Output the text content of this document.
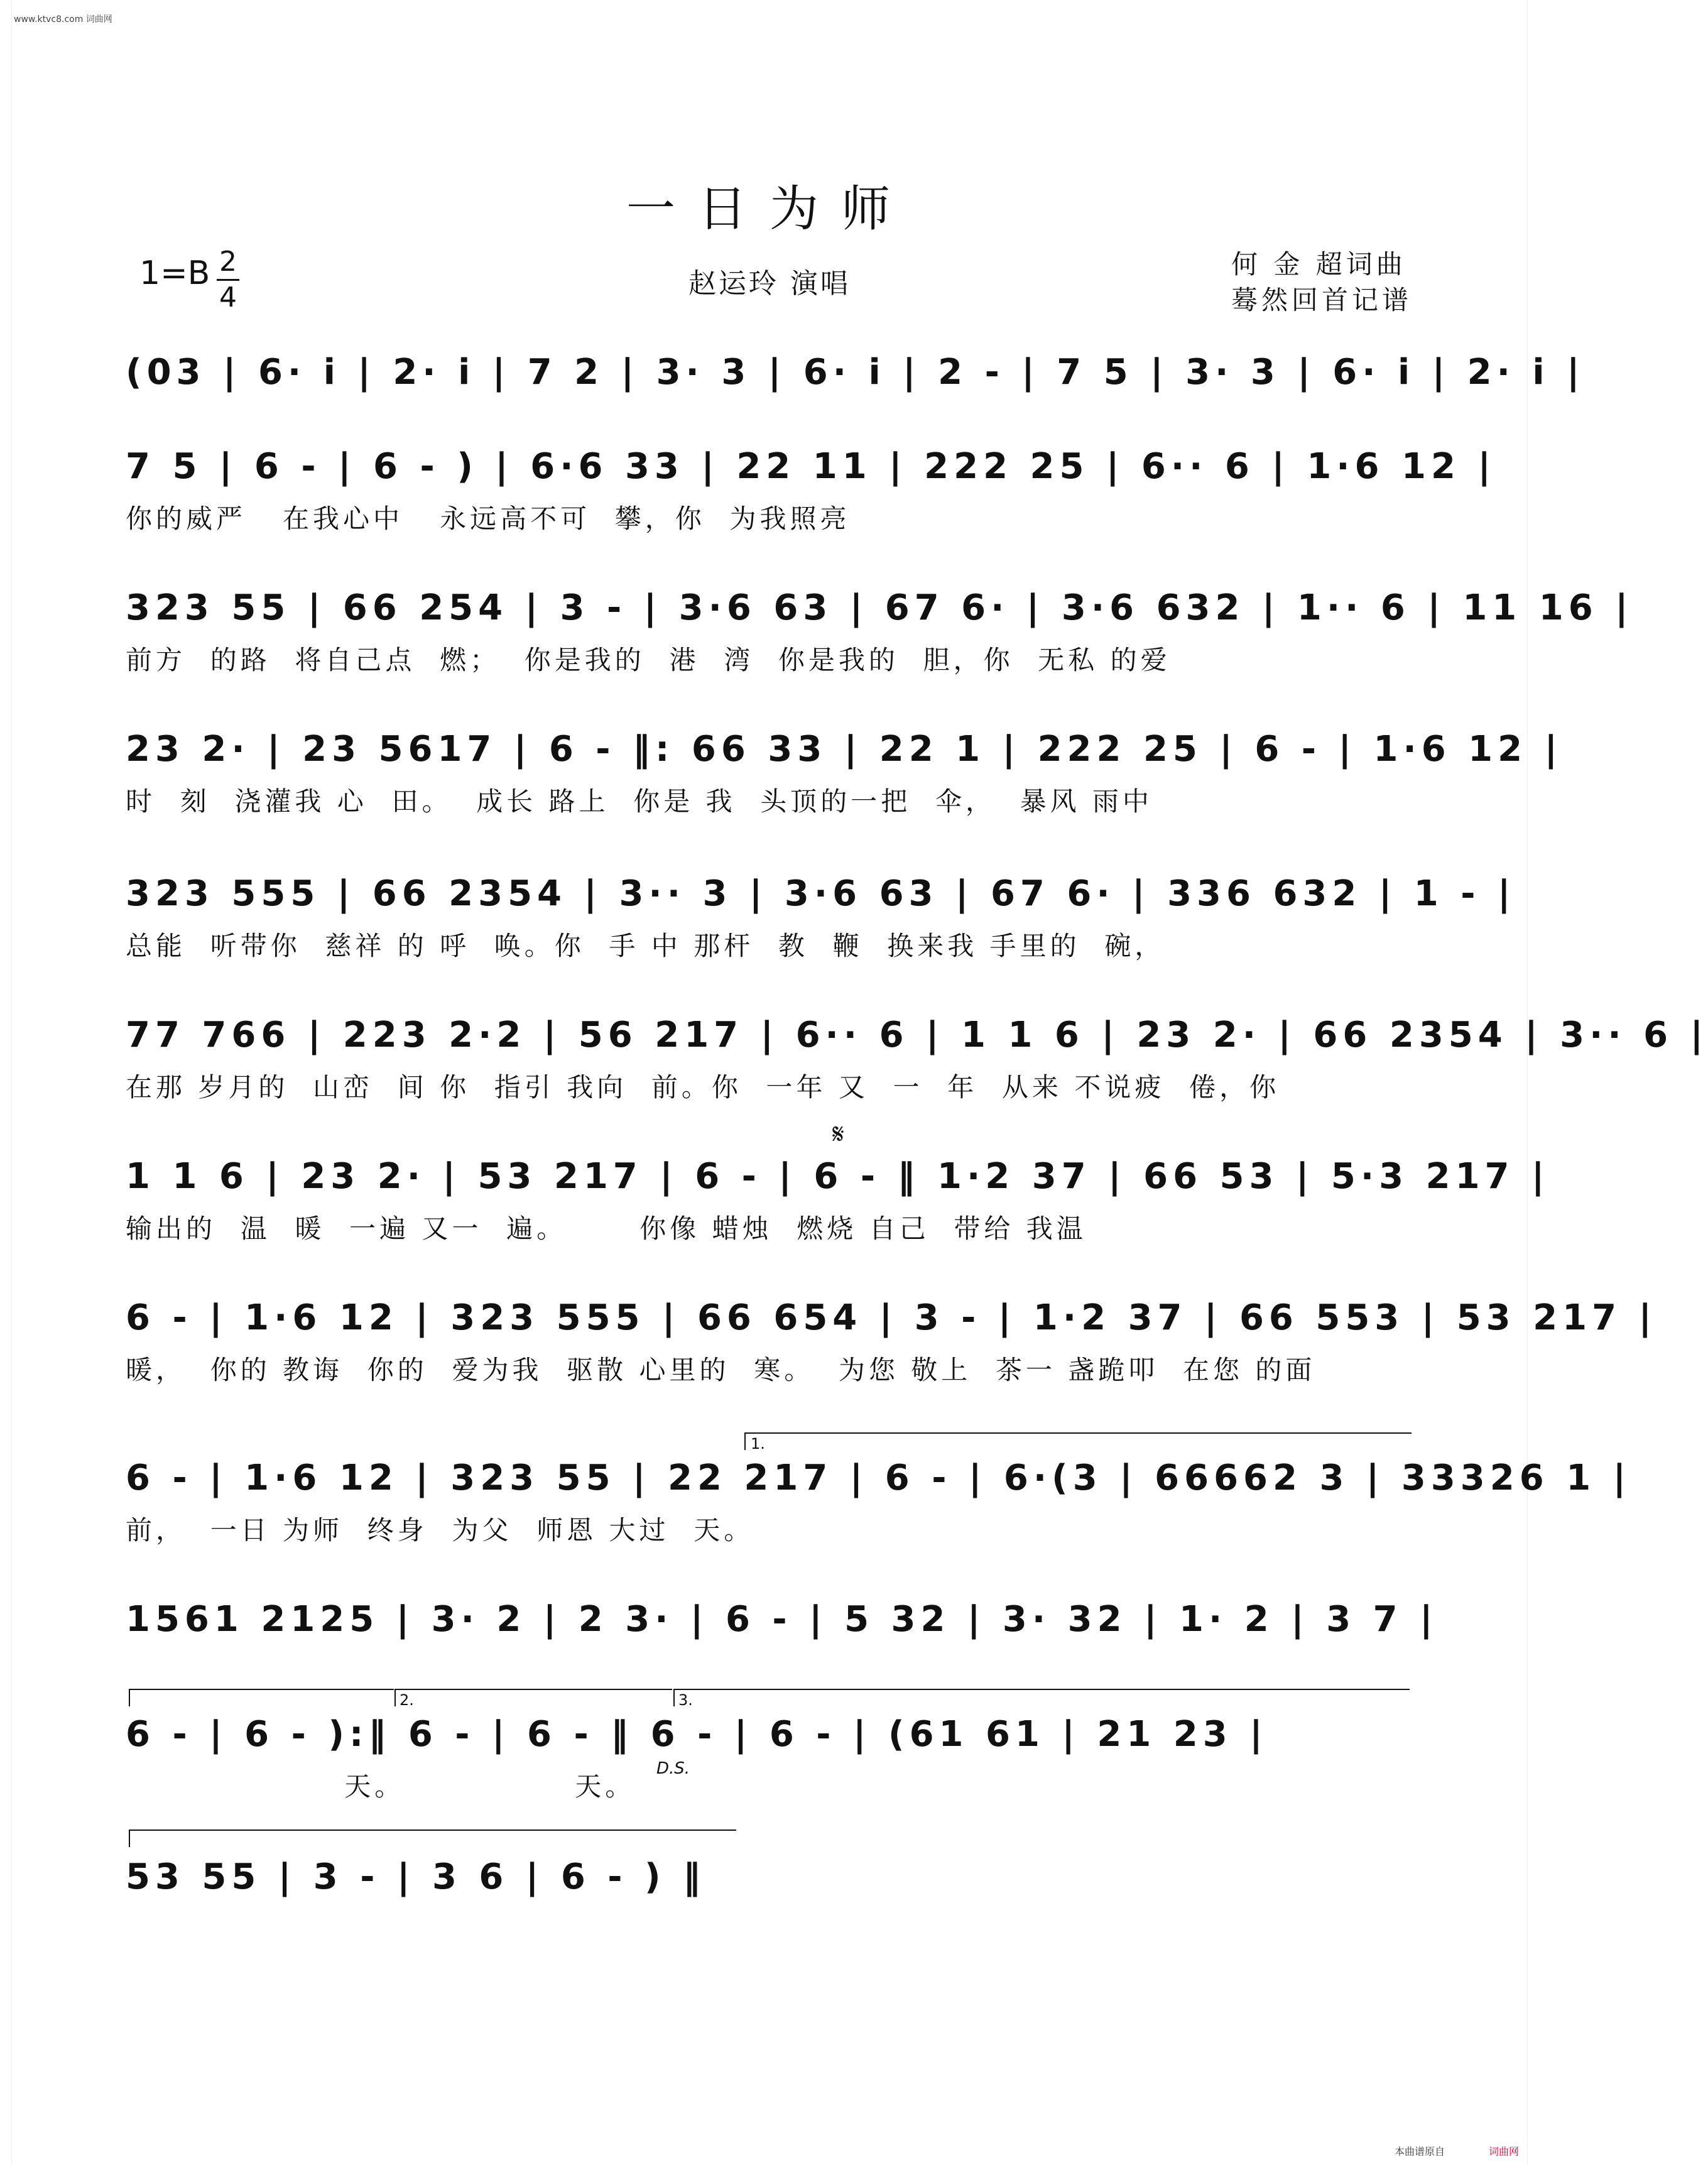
www.ktvc8.com 词曲网
一日为师
1=B 2
4	赵运玲 演唱
何 金 超词曲
蓦然回首记谱
(03 | 6· i | 2· i | 7 2 | 3· 3 | 6· i | 2 - | 7 5 | 3· 3 | 6· i | 2· i |
7 5 | 6 - | 6 - ) | 6·6 33 | 22 11 | 222 25 | 6·· 6 | 1·6 12 |
你的威严   在我心中   永远高不可  攀，你  为我照亮
323 55 | 66 254 | 3 - | 3·6 63 | 67 6· | 3·6 632 | 1·· 6 | 11 16 |
前方  的路  将自己点  燃；  你是我的  港  湾  你是我的  胆，你  无私 的爱
23 2· | 23 5617 | 6 - ‖: 66 33 | 22 1 | 222 25 | 6 - | 1·6 12 |
时  刻  浇灌我 心  田。  成长 路上  你是 我  头顶的一把  伞，  暴风 雨中
323 555 | 66 2354 | 3·· 3 | 3·6 63 | 67 6· | 336 632 | 1 - |
总能  听带你  慈祥 的 呼  唤。你  手 中 那杆  教  鞭  换来我 手里的  碗，
77 766 | 223 2·2 | 56 217 | 6·· 6 | 1 1 6 | 23 2· | 66 2354 | 3·· 6 |
在那 岁月的  山峦  间 你  指引 我向  前。你  一年 又  一  年  从来 不说疲  倦，你
𝄋
1 1 6 | 23 2· | 53 217 | 6 - | 6 - ‖ 1·2 37 | 66 53 | 5·3 217 |
输出的  温  暖  一遍 又一  遍。      你像 蜡烛  燃烧 自己  带给 我温
6 - | 1·6 12 | 323 555 | 66 654 | 3 - | 1·2 37 | 66 553 | 53 217 |
暖，  你的 教诲  你的  爱为我  驱散 心里的  寒。  为您 敬上  茶一 盏跪叩  在您 的面
1.
6 - | 1·6 12 | 323 55 | 22 217 | 6 - | 6·(3 | 66662 3 | 33326 1 |
前，  一日 为师  终身  为父  师恩 大过  天。
1561 2125 | 3· 2 | 2 3· | 6 - | 5 32 | 3· 32 | 1· 2 | 3 7 |
2.	3.
6 - | 6 - ):‖ 6 - | 6 - ‖ 6 - | 6 - | (61 61 | 21 23 |
天。              天。
D.S.
53 55 | 3 - | 3 6 | 6 - ) ‖
本曲谱原自	词曲网
